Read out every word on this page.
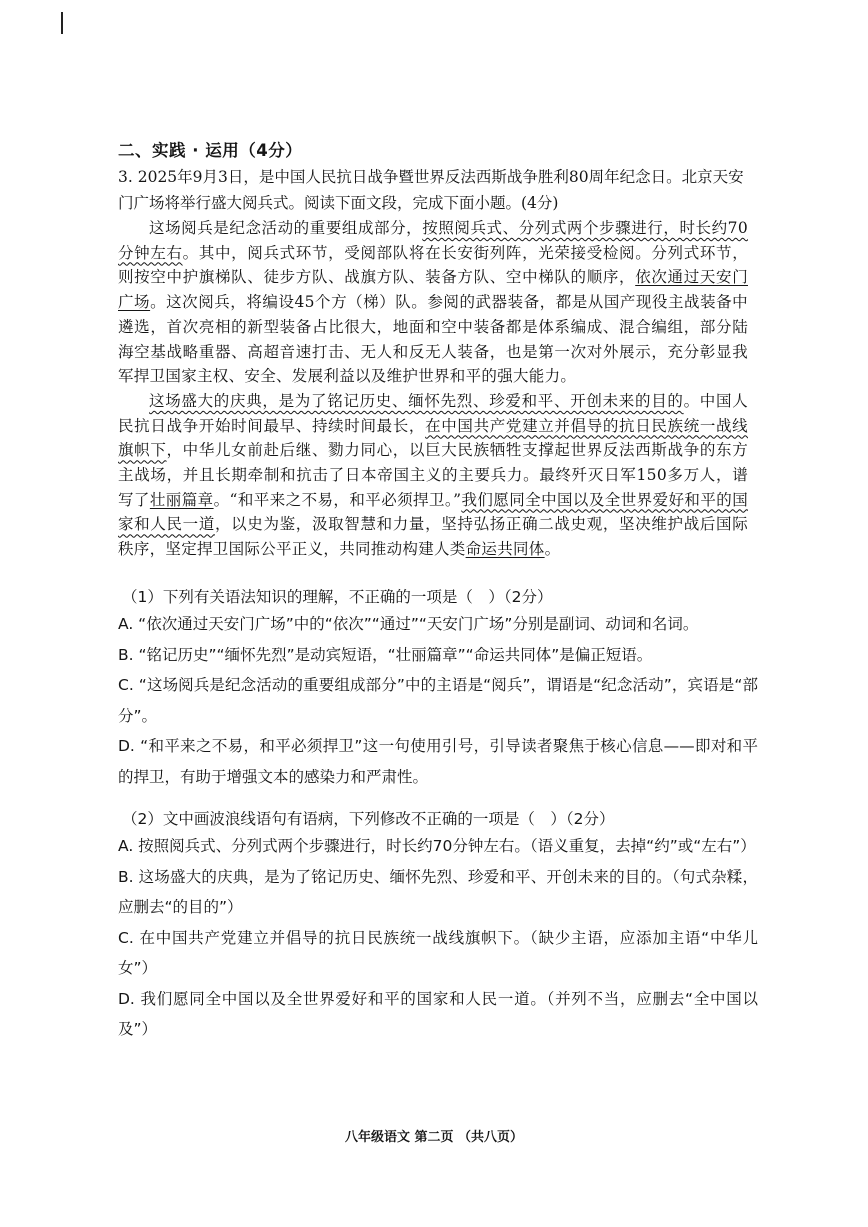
二、实践 · 运用（4分）
3. 2025年9月3日，是中国人民抗日战争暨世界反法西斯战争胜利80周年纪念日。北京天安门广场将举行盛大阅兵式。阅读下面文段，完成下面小题。(4分)

这场阅兵是纪念活动的重要组成部分，按照阅兵式、分列式两个步骤进行，时长约70分钟左右。其中，阅兵式环节，受阅部队将在长安街列阵，光荣接受检阅。分列式环节，则按空中护旗梯队、徒步方队、战旗方队、装备方队、空中梯队的顺序，依次通过天安门广场。这次阅兵，将编设45个方（梯）队。参阅的武器装备，都是从国产现役主战装备中遴选，首次亮相的新型装备占比很大，地面和空中装备都是体系编成、混合编组，部分陆海空基战略重器、高超音速打击、无人和反无人装备，也是第一次对外展示，充分彰显我军捍卫国家主权、安全、发展利益以及维护世界和平的强大能力。

这场盛大的庆典，是为了铭记历史、缅怀先烈、珍爱和平、开创未来的目的。中国人民抗日战争开始时间最早、持续时间最长，在中国共产党建立并倡导的抗日民族统一战线旗帜下，中华儿女前赴后继、勠力同心，以巨大民族牺牲支撑起世界反法西斯战争的东方主战场，并且长期牵制和抗击了日本帝国主义的主要兵力。最终歼灭日军150多万人，谱写了壮丽篇章。“和平来之不易，和平必须捍卫。”我们愿同全中国以及全世界爱好和平的国家和人民一道，以史为鉴，汲取智慧和力量，坚持弘扬正确二战史观，坚决维护战后国际秩序，坚定捍卫国际公平正义，共同推动构建人类命运共同体。

（1）下列有关语法知识的理解，不正确的一项是（　）（2分）

A. “依次通过天安门广场”中的“依次”“通过”“天安门广场”分别是副词、动词和名词。

B. “铭记历史”“缅怀先烈”是动宾短语，“壮丽篇章”“命运共同体”是偏正短语。

C. “这场阅兵是纪念活动的重要组成部分”中的主语是“阅兵”，谓语是“纪念活动”，宾语是“部分”。

D. “和平来之不易，和平必须捍卫”这一句使用引号，引导读者聚焦于核心信息——即对和平的捍卫，有助于增强文本的感染力和严肃性。

（2）文中画波浪线语句有语病，下列修改不正确的一项是（　）（2分）

A. 按照阅兵式、分列式两个步骤进行，时长约70分钟左右。（语义重复，去掉“约”或“左右”）

B. 这场盛大的庆典，是为了铭记历史、缅怀先烈、珍爱和平、开创未来的目的。（句式杂糅，应删去“的目的”）

C. 在中国共产党建立并倡导的抗日民族统一战线旗帜下。（缺少主语，应添加主语“中华儿女”）

D. 我们愿同全中国以及全世界爱好和平的国家和人民一道。（并列不当，应删去“全中国以及”）

八年级语文 第二页 （共八页）
